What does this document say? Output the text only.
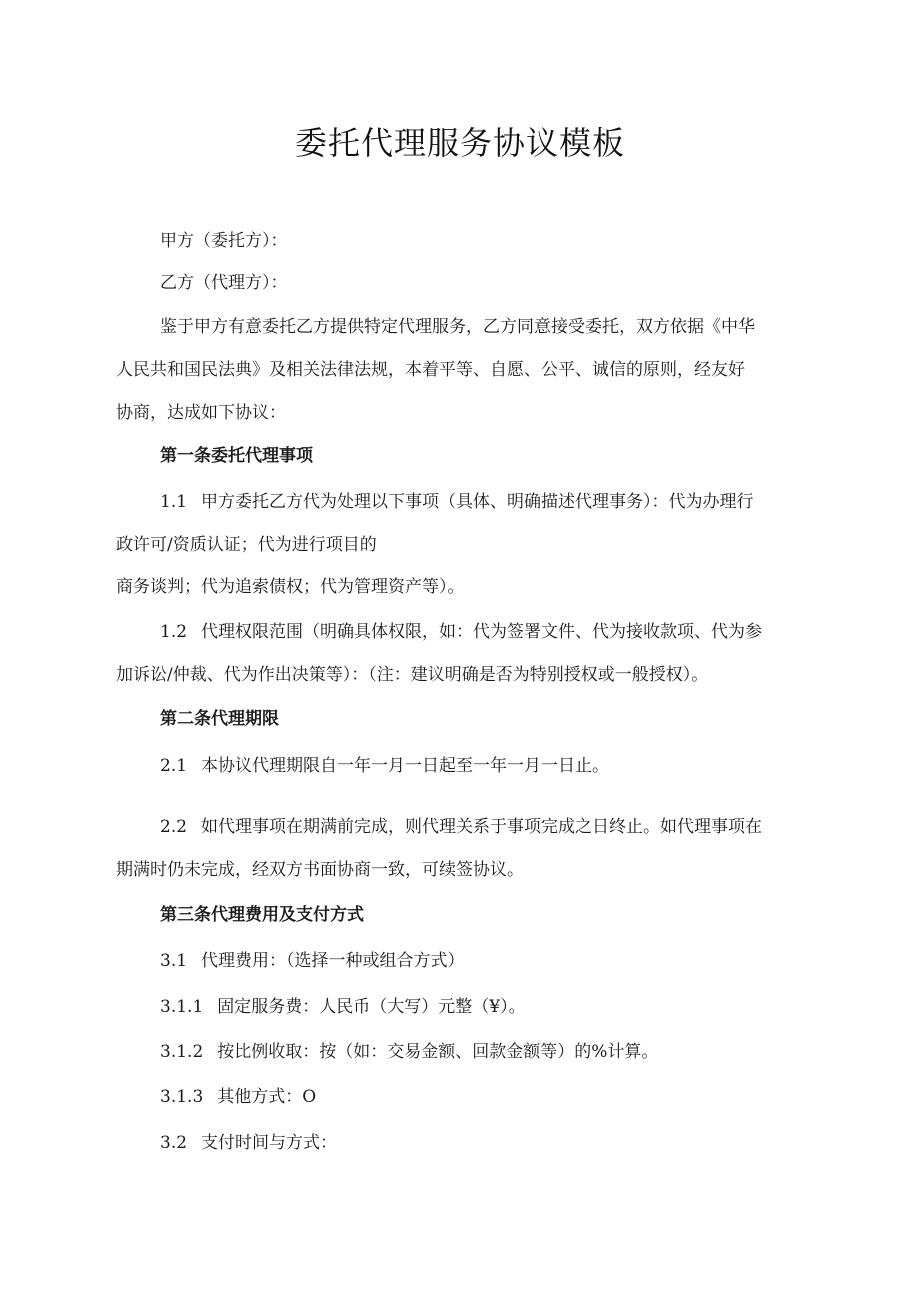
委托代理服务协议模板
甲方（委托方）：
乙方（代理方）：
鉴于甲方有意委托乙方提供特定代理服务，乙方同意接受委托，双方依据《中华
人民共和国民法典》及相关法律法规，本着平等、自愿、公平、诚信的原则，经友好
协商，达成如下协议：
第一条委托代理事项
1.1 甲方委托乙方代为处理以下事项（具体、明确描述代理事务）：代为办理行
政许可/资质认证；代为进行项目的
商务谈判；代为追索债权；代为管理资产等）。
1.2 代理权限范围（明确具体权限，如：代为签署文件、代为接收款项、代为参
加诉讼/仲裁、代为作出决策等）：（注：建议明确是否为特别授权或一般授权）。
第二条代理期限
2.1 本协议代理期限自一年一月一日起至一年一月一日止。
2.2 如代理事项在期满前完成，则代理关系于事项完成之日终止。如代理事项在
期满时仍未完成，经双方书面协商一致，可续签协议。
第三条代理费用及支付方式
3.1 代理费用：（选择一种或组合方式）
3.1.1 固定服务费：人民币（大写）元整（¥）。
3.1.2 按比例收取：按（如：交易金额、回款金额等）的%计算。
3.1.3 其他方式：O
3.2 支付时间与方式：
